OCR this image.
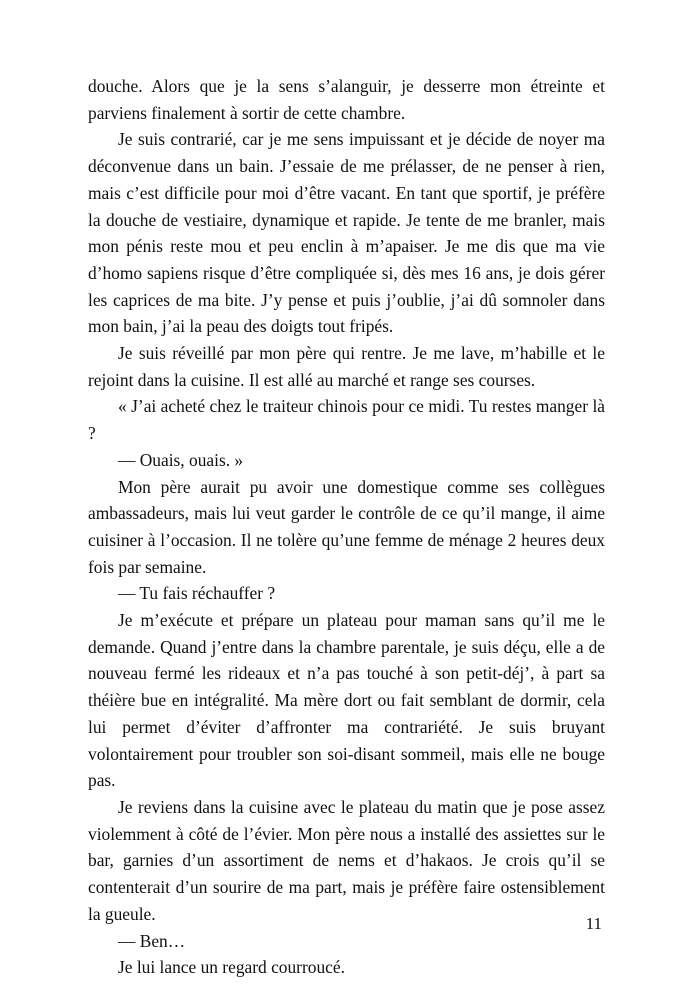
douche. Alors que je la sens s’alanguir, je desserre mon étreinte et parviens finalement à sortir de cette chambre.

Je suis contrarié, car je me sens impuissant et je décide de noyer ma déconvenue dans un bain. J’essaie de me prélasser, de ne penser à rien, mais c’est difficile pour moi d’être vacant. En tant que sportif, je préfère la douche de vestiaire, dynamique et rapide. Je tente de me branler, mais mon pénis reste mou et peu enclin à m’apaiser. Je me dis que ma vie d’homo sapiens risque d’être compliquée si, dès mes 16 ans, je dois gérer les caprices de ma bite. J’y pense et puis j’oublie, j’ai dû somnoler dans mon bain, j’ai la peau des doigts tout fripés.

Je suis réveillé par mon père qui rentre. Je me lave, m’habille et le rejoint dans la cuisine. Il est allé au marché et range ses courses.

« J’ai acheté chez le traiteur chinois pour ce midi. Tu restes manger là ?

— Ouais, ouais. »

Mon père aurait pu avoir une domestique comme ses collègues ambassadeurs, mais lui veut garder le contrôle de ce qu’il mange, il aime cuisiner à l’occasion. Il ne tolère qu’une femme de ménage 2 heures deux fois par semaine.

— Tu fais réchauffer ?

Je m’exécute et prépare un plateau pour maman sans qu’il me le demande. Quand j’entre dans la chambre parentale, je suis déçu, elle a de nouveau fermé les rideaux et n’a pas touché à son petit-déj’, à part sa théière bue en intégralité. Ma mère dort ou fait semblant de dormir, cela lui permet d’éviter d’affronter ma contrariété. Je suis bruyant volontairement pour troubler son soi-disant sommeil, mais elle ne bouge pas.

Je reviens dans la cuisine avec le plateau du matin que je pose assez violemment à côté de l’évier. Mon père nous a installé des assiettes sur le bar, garnies d’un assortiment de nems et d’hakaos. Je crois qu’il se contenterait d’un sourire de ma part, mais je préfère faire ostensiblement la gueule.

— Ben…

Je lui lance un regard courroucé.

11
